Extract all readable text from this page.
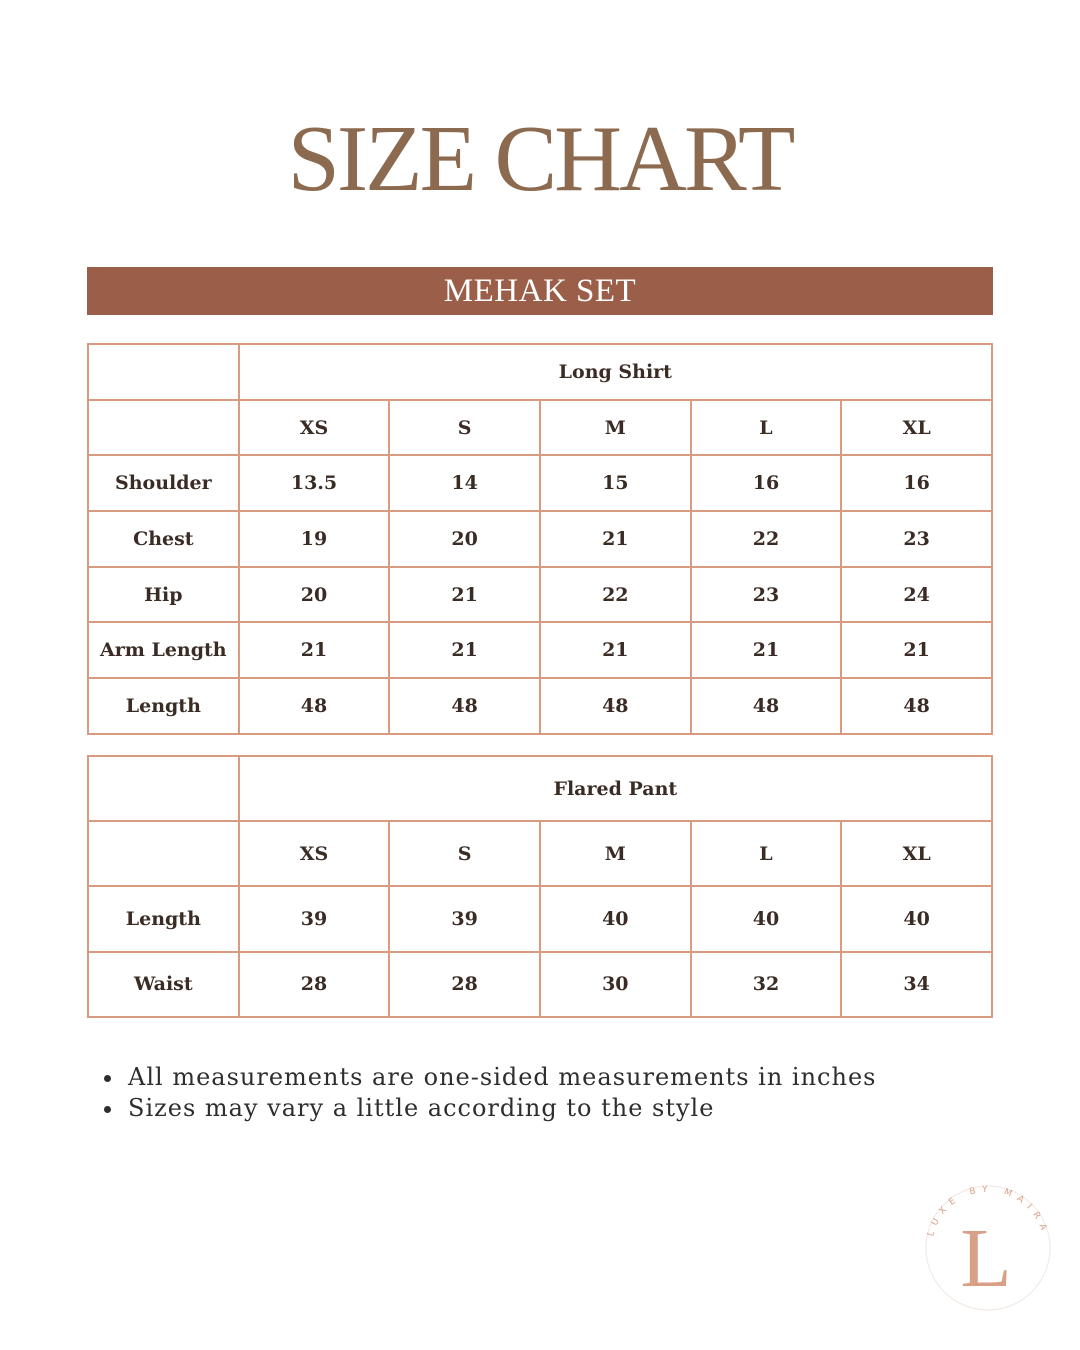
SIZE CHART
MEHAK SET
	Long Shirt				
	XS	S	M	L	XL
Shoulder	13.5	14	15	16	16
Chest	19	20	21	22	23
Hip	20	21	22	23	24
Arm Length	21	21	21	21	21
Length	48	48	48	48	48
	Flared Pant				
	XS	S	M	L	XL
Length	39	39	40	40	40
Waist	28	28	30	32	34
All measurements are one-sided measurements in inches
Sizes may vary a little according to the style
LUXE BY MAIRA
L
